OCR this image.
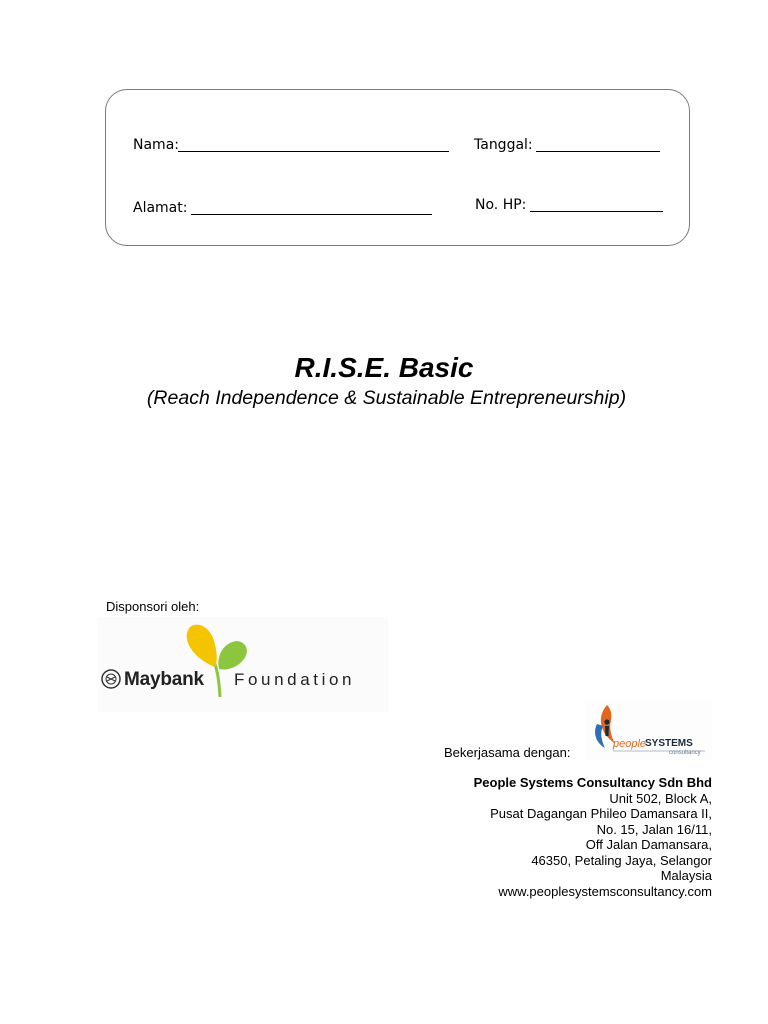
Nama:	Tanggal:
Alamat:	No. HP:
R.I.S.E. Basic
(Reach Independence & Sustainable Entrepreneurship)
Disponsori oleh:
Maybank Foundation
Bekerjasama dengan:
people
SYSTEMS
consultancy
People Systems Consultancy Sdn Bhd
Unit 502, Block A,
Pusat Dagangan Phileo Damansara II,
No. 15, Jalan 16/11,
Off Jalan Damansara,
46350, Petaling Jaya, Selangor
Malaysia
www.peoplesystemsconsultancy.com
